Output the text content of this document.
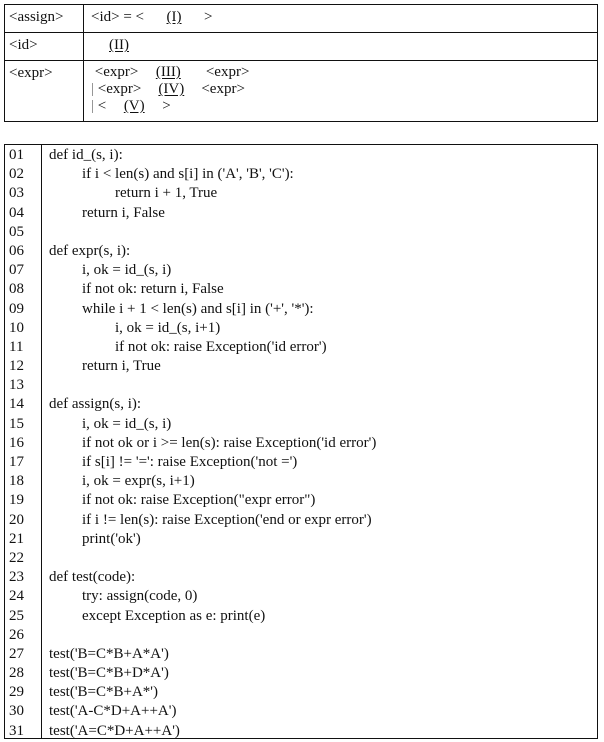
<assign>	<id> = < (I) >

<id>	(II)

<expr>	<expr> (III)  <expr>
| <expr> (IV) <expr>
| < (V) >
01	def id_(s, i):
02	if i < len(s) and s[i] in ('A', 'B', 'C'):
03	return i + 1, True
04	return i, False
05
06	def expr(s, i):
07	i, ok = id_(s, i)
08	if not ok: return i, False
09	while i + 1 < len(s) and s[i] in ('+', '*'):
10	i, ok = id_(s, i+1)
11	if not ok: raise Exception('id error')
12	return i, True
13
14	def assign(s, i):
15	i, ok = id_(s, i)
16	if not ok or i >= len(s): raise Exception('id error')
17	if s[i] != '=': raise Exception('not =')
18	i, ok = expr(s, i+1)
19	if not ok: raise Exception("expr error")
20	if i != len(s): raise Exception('end or expr error')
21	print('ok')
22
23	def test(code):
24	try: assign(code, 0)
25	except Exception as e: print(e)
26
27	test('B=C*B+A*A')
28	test('B=C*B+D*A')
29	test('B=C*B+A*')
30	test('A-C*D+A++A')
31	test('A=C*D+A++A')
